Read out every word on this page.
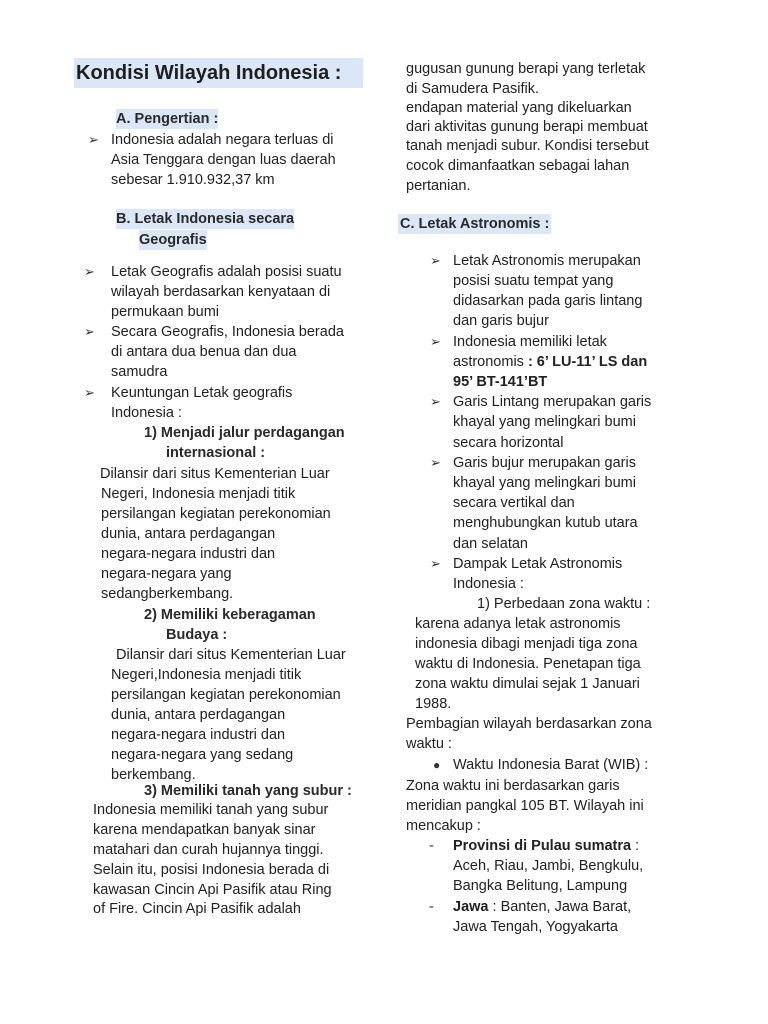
Kondisi Wilayah Indonesia :
A. Pengertian :
➢ Indonesia adalah negara terluas di
Asia Tenggara dengan luas daerah
sebesar 1.910.932,37 km
B. Letak Indonesia secara
Geografis
➢ Letak Geografis adalah posisi suatu
wilayah berdasarkan kenyataan di
permukaan bumi
➢ Secara Geografis, Indonesia berada
di antara dua benua dan dua
samudra
➢ Keuntungan Letak geografis
Indonesia :
1) Menjadi jalur perdagangan
internasional :
Dilansir dari situs Kementerian Luar
Negeri, Indonesia menjadi titik
persilangan kegiatan perekonomian
dunia, antara perdagangan
negara-negara industri dan
negara-negara yang
sedangberkembang.
2) Memiliki keberagaman
Budaya :
Dilansir dari situs Kementerian Luar
Negeri,Indonesia menjadi titik
persilangan kegiatan perekonomian
dunia, antara perdagangan
negara-negara industri dan
negara-negara yang sedang
berkembang.
3) Memiliki tanah yang subur :
Indonesia memiliki tanah yang subur
karena mendapatkan banyak sinar
matahari dan curah hujannya tinggi.
Selain itu, posisi Indonesia berada di
kawasan Cincin Api Pasifik atau Ring
of Fire. Cincin Api Pasifik adalah
gugusan gunung berapi yang terletak
di Samudera Pasifik.
endapan material yang dikeluarkan
dari aktivitas gunung berapi membuat
tanah menjadi subur. Kondisi tersebut
cocok dimanfaatkan sebagai lahan
pertanian.
C. Letak Astronomis :
➢ Letak Astronomis merupakan
posisi suatu tempat yang
didasarkan pada garis lintang
dan garis bujur
➢ Indonesia memiliki letak
astronomis : 6’ LU-11’ LS dan
95’ BT-141’BT
➢ Garis Lintang merupakan garis
khayal yang melingkari bumi
secara horizontal
➢ Garis bujur merupakan garis
khayal yang melingkari bumi
secara vertikal dan
menghubungkan kutub utara
dan selatan
➢ Dampak Letak Astronomis
Indonesia :
1) Perbedaan zona waktu :
karena adanya letak astronomis
indonesia dibagi menjadi tiga zona
waktu di Indonesia. Penetapan tiga
zona waktu dimulai sejak 1 Januari
1988.
Pembagian wilayah berdasarkan zona
waktu :
● Waktu Indonesia Barat (WIB) :
Zona waktu ini berdasarkan garis
meridian pangkal 105 BT. Wilayah ini
mencakup :
- Provinsi di Pulau sumatra :
Aceh, Riau, Jambi, Bengkulu,
Bangka Belitung, Lampung
- Jawa : Banten, Jawa Barat,
Jawa Tengah, Yogyakarta
